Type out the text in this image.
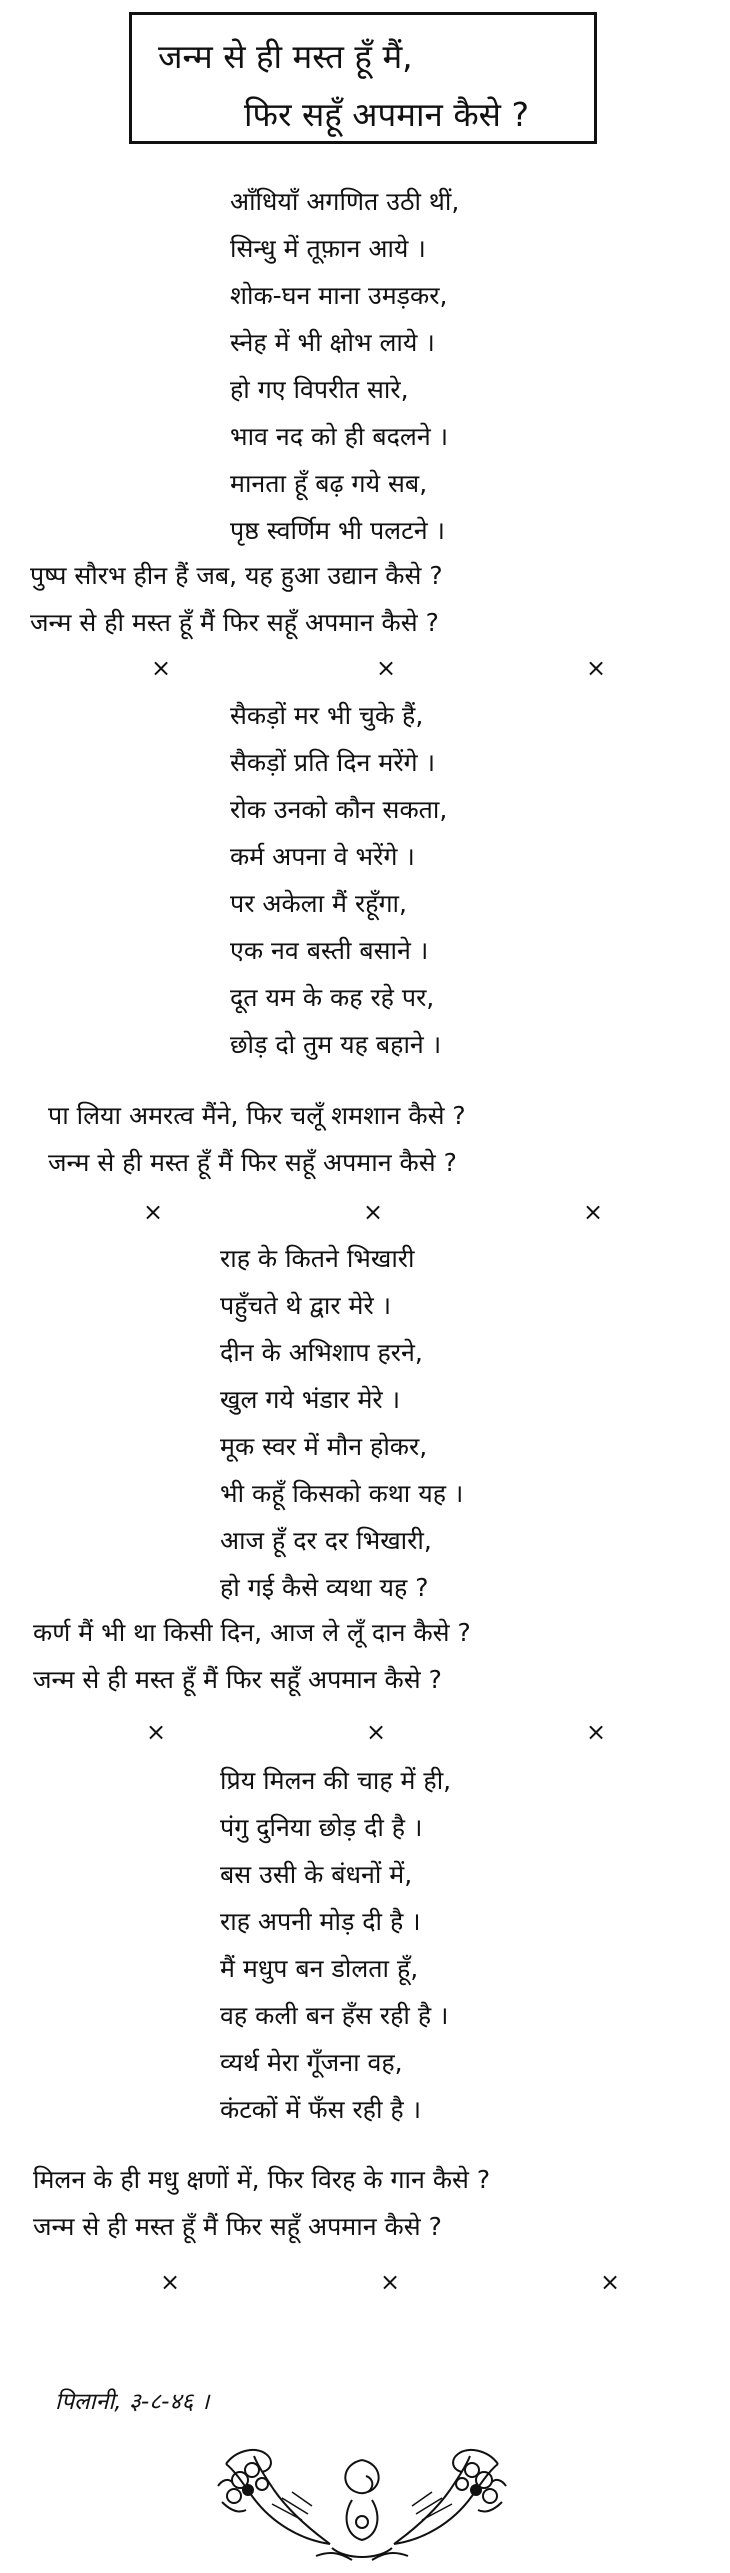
जन्म से ही मस्त हूँ मैं,
फिर सहूँ अपमान कैसे ?
आँधियाँ अगणित उठी थीं,
सिन्धु में तूफ़ान आये ।
शोक-घन माना उमड़कर,
स्नेह में भी क्षोभ लाये ।
हो गए विपरीत सारे,
भाव नद को ही बदलने ।
मानता हूँ बढ़ गये सब,
पृष्ठ स्वर्णिम भी पलटने ।
पुष्प सौरभ हीन हैं जब, यह हुआ उद्यान कैसे ?
जन्म से ही मस्त हूँ मैं फिर सहूँ अपमान कैसे ?
×	×	×
सैकड़ों मर भी चुके हैं,
सैकड़ों प्रति दिन मरेंगे ।
रोक उनको कौन सकता,
कर्म अपना वे भरेंगे ।
पर अकेला मैं रहूँगा,
एक नव बस्ती बसाने ।
दूत यम के कह रहे पर,
छोड़ दो तुम यह बहाने ।
पा लिया अमरत्व मैंने, फिर चलूँ शमशान कैसे ?
जन्म से ही मस्त हूँ मैं फिर सहूँ अपमान कैसे ?
×	×	×
राह के कितने भिखारी
पहुँचते थे द्वार मेरे ।
दीन के अभिशाप हरने,
खुल गये भंडार मेरे ।
मूक स्वर में मौन होकर,
भी कहूँ किसको कथा यह ।
आज हूँ दर दर भिखारी,
हो गई कैसे व्यथा यह ?
कर्ण मैं भी था किसी दिन, आज ले लूँ दान कैसे ?
जन्म से ही मस्त हूँ मैं फिर सहूँ अपमान कैसे ?
×	×	×
प्रिय मिलन की चाह में ही,
पंगु दुनिया छोड़ दी है ।
बस उसी के बंधनों में,
राह अपनी मोड़ दी है ।
मैं मधुप बन डोलता हूँ,
वह कली बन हँस रही है ।
व्यर्थ मेरा गूँजना वह,
कंटकों में फँस रही है ।
मिलन के ही मधु क्षणों में, फिर विरह के गान कैसे ?
जन्म से ही मस्त हूँ मैं फिर सहूँ अपमान कैसे ?
×	×	×
पिलानी, ३-८-४६ ।
